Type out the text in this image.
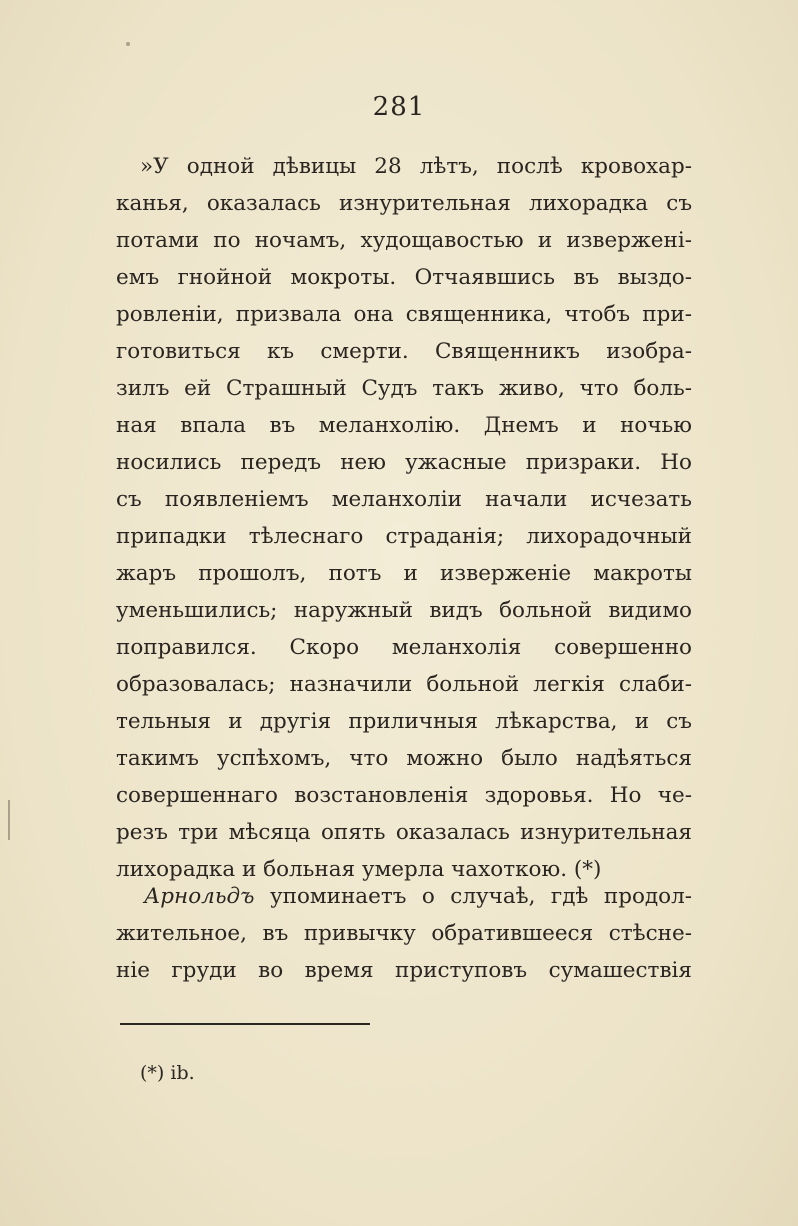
281
»У одной дѣвицы 28 лѣтъ, послѣ кровохар-
канья, оказалась изнурительная лихорадка съ
потами по ночамъ, худощавостью и изверженi-
емъ гнойной мокроты. Отчаявшись въ выздо-
ровленiи, призвала она священника, чтобъ при-
готовиться къ смерти. Священникъ изобра-
зилъ ей Страшный Судъ такъ живо, что боль-
ная впала въ меланхолiю. Днемъ и ночью
носились передъ нею ужасные призраки. Но
съ появленiемъ меланхолiи начали исчезать
припадки тѣлеснаго страданiя; лихорадочный
жаръ прошолъ, потъ и изверженiе макроты
уменьшились; наружный видъ больной видимо
поправился. Скоро меланхолiя совершенно
образовалась; назначили больной легкiя слаби-
тельныя и другiя приличныя лѣкарства, и съ
такимъ успѣхомъ, что можно было надѣяться
совершеннаго возстановленiя здоровья. Но че-
резъ три мѣсяца опять оказалась изнурительная
лихорадка и больная умерла чахоткою. (*)
Арнольдъ упоминаетъ о случаѣ, гдѣ продол-
жительное, въ привычку обратившееся стѣсне-
нiе груди во время приступовъ сумашествiя
(*) ib.
